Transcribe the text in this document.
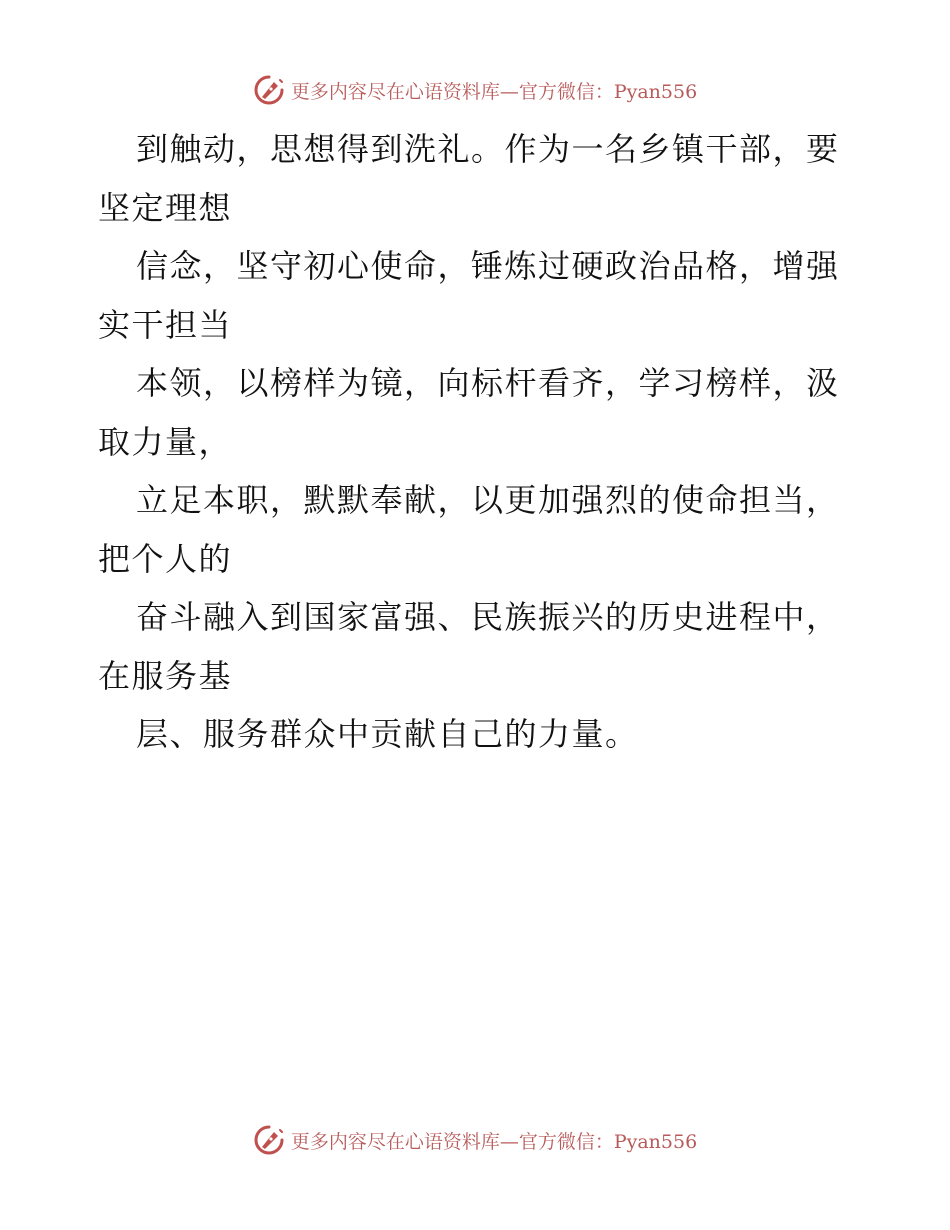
更多内容尽在心语资料库—官方微信：Pyan556
到触动，思想得到洗礼。作为一名乡镇干部，要
坚定理想
信念，坚守初心使命，锤炼过硬政治品格，增强
实干担当
本领，以榜样为镜，向标杆看齐，学习榜样，汲
取力量，
立足本职，默默奉献，以更加强烈的使命担当，
把个人的
奋斗融入到国家富强、民族振兴的历史进程中，
在服务基
层、服务群众中贡献自己的力量。
更多内容尽在心语资料库—官方微信：Pyan556
